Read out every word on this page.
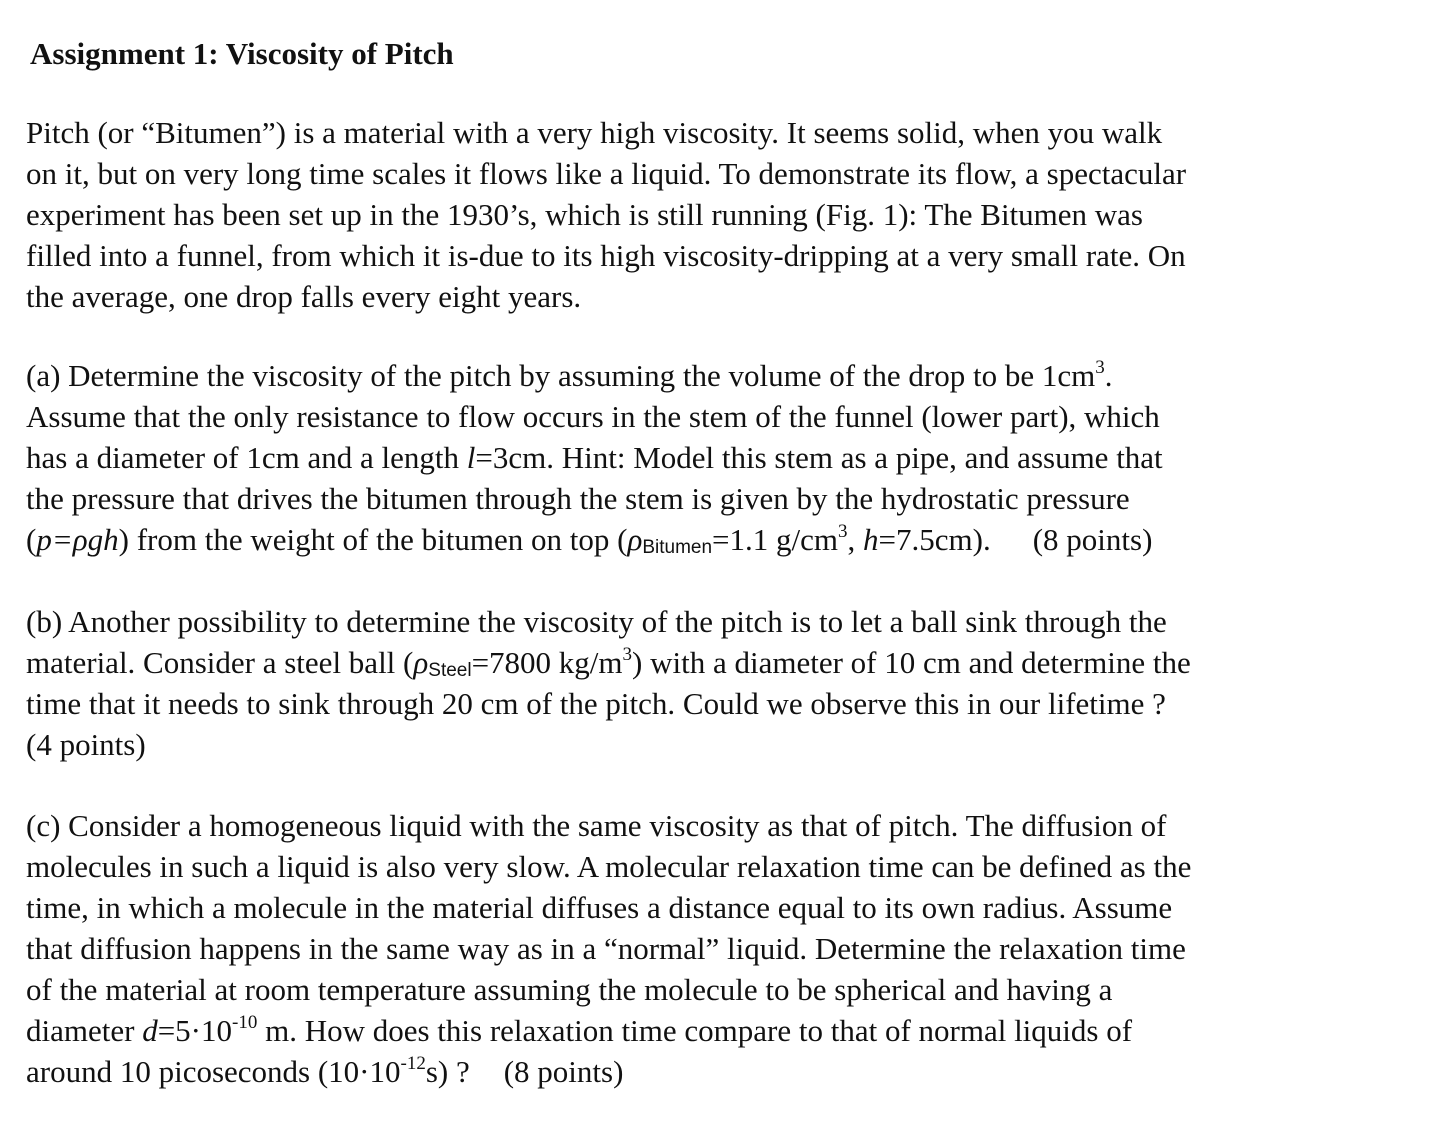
Assignment 1: Viscosity of Pitch
Pitch (or “Bitumen”) is a material with a very high viscosity. It seems solid, when you walk
on it, but on very long time scales it flows like a liquid. To demonstrate its flow, a spectacular
experiment has been set up in the 1930’s, which is still running (Fig. 1): The Bitumen was
filled into a funnel, from which it is-due to its high viscosity-dripping at a very small rate. On
the average, one drop falls every eight years.
(a) Determine the viscosity of the pitch by assuming the volume of the drop to be $1cm^3$.
Assume that the only resistance to flow occurs in the stem of the funnel (lower part), which
has a diameter of 1cm and a length l=3cm. Hint: Model this stem as a pipe, and assume that
the pressure that drives the bitumen through the stem is given by the hydrostatic pressure
(p=ρgh) from the weight of the bitumen on top (ρBitumen=1.1 $g/cm^3$, h=7.5cm). (8 points)
(b) Another possibility to determine the viscosity of the pitch is to let a ball sink through the
material. Consider a steel ball (ρSteel=7800 $kg/m^3$) with a diameter of 10 cm and determine the
time that it needs to sink through 20 cm of the pitch. Could we observe this in our lifetime ?
(4 points)
(c) Consider a homogeneous liquid with the same viscosity as that of pitch. The diffusion of
molecules in such a liquid is also very slow. A molecular relaxation time can be defined as the
time, in which a molecule in the material diffuses a distance equal to its own radius. Assume
that diffusion happens in the same way as in a “normal” liquid. Determine the relaxation time
of the material at room temperature assuming the molecule to be spherical and having a
diameter $d=5\cdot 10^{-10}$ m. How does this relaxation time compare to that of normal liquids of
around 10 picoseconds $(10\cdot 10^{-12}s)$ ? (8 points)
